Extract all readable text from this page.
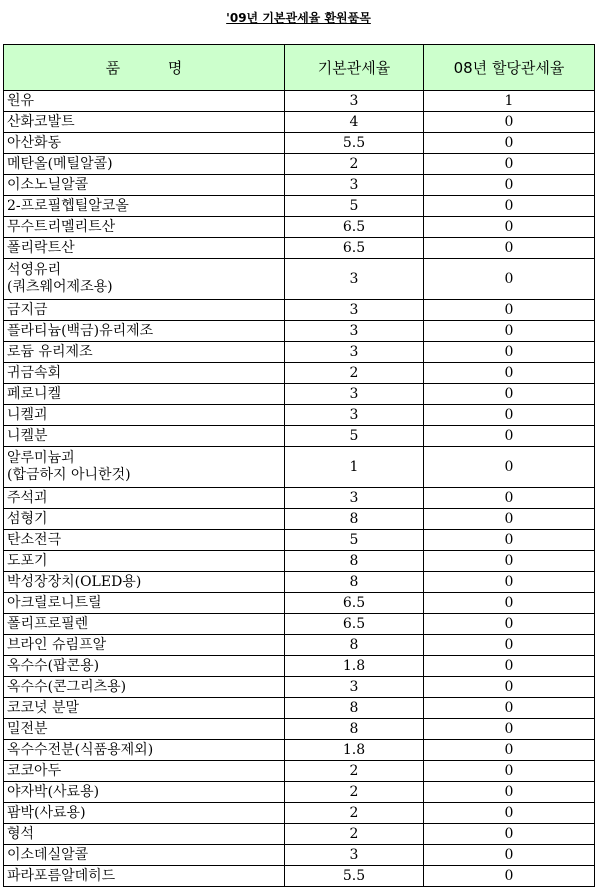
'09년 기본관세율 환원품목
품          명	기본관세율	08년 할당관세율
원유	3	1
산화코발트	4	0
아산화동	5.5	0
메탄올(메틸알콜)	2	0
이소노닐알콜	3	0
2-프로필헵틸알코올	5	0
무수트리멜리트산	6.5	0
폴리락트산	6.5	0
석영유리
(쿼츠웨어제조용)	3	0
금지금	3	0
플라티늄(백금)유리제조	3	0
로듐 유리제조	3	0
귀금속회	2	0
페로니켈	3	0
니켈괴	3	0
니켈분	5	0
알루미늄괴
(합금하지 아니한것)	1	0
주석괴	3	0
섬형기	8	0
탄소전극	5	0
도포기	8	0
박성장장치(OLED용)	8	0
아크릴로니트릴	6.5	0
폴리프로필렌	6.5	0
브라인 슈림프알	8	0
옥수수(팝콘용)	1.8	0
옥수수(콘그리츠용)	3	0
코코넛 분말	8	0
밀전분	8	0
옥수수전분(식품용제외)	1.8	0
코코아두	2	0
야자박(사료용)	2	0
팜박(사료용)	2	0
형석	2	0
이소데실알콜	3	0
파라포름알데히드	5.5	0
